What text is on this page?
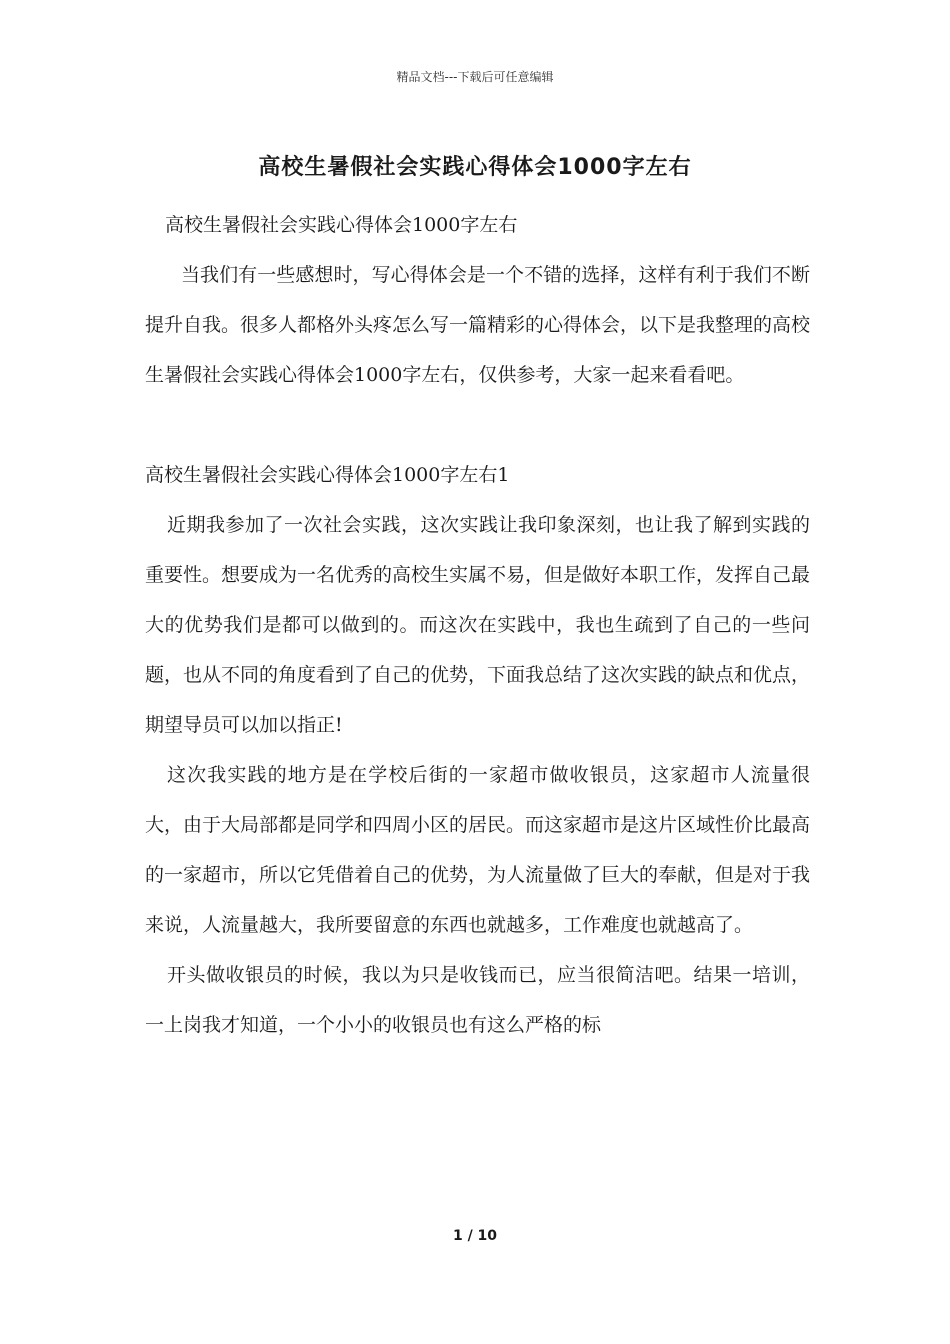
精品文档---下载后可任意编辑
高校生暑假社会实践心得体会1000字左右

高校生暑假社会实践心得体会1000字左右

当我们有一些感想时，写心得体会是一个不错的选择，这样有利于我们不断提升自我。很多人都格外头疼怎么写一篇精彩的心得体会，以下是我整理的高校生暑假社会实践心得体会1000字左右，仅供参考，大家一起来看看吧。

高校生暑假社会实践心得体会1000字左右1

近期我参加了一次社会实践，这次实践让我印象深刻，也让我了解到实践的重要性。想要成为一名优秀的高校生实属不易，但是做好本职工作，发挥自己最大的优势我们是都可以做到的。而这次在实践中，我也生疏到了自己的一些问题，也从不同的角度看到了自己的优势，下面我总结了这次实践的缺点和优点，期望导员可以加以指正!

这次我实践的地方是在学校后街的一家超市做收银员，这家超市人流量很大，由于大局部都是同学和四周小区的居民。而这家超市是这片区域性价比最高的一家超市，所以它凭借着自己的优势，为人流量做了巨大的奉献，但是对于我来说，人流量越大，我所要留意的东西也就越多，工作难度也就越高了。

开头做收银员的时候，我以为只是收钱而已，应当很简洁吧。结果一培训，一上岗我才知道，一个小小的收银员也有这么严格的标

1 / 10
